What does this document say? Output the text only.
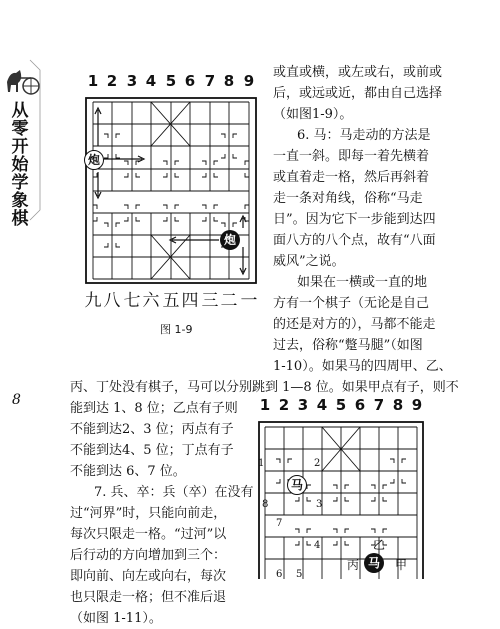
从
零
开
始
学
象
棋
8
1 2 3 4 5 6 7 8 9
炮
炮
九 八 七 六 五 四 三 二 一
图 1-9

或直或横，或左或右，或前或

后，或远或近，都由自己选择

（如图1-9）。

6. 马：马走动的方法是

一直一斜。即每一着先横着

或直着走一格，然后再斜着

走一条对角线，俗称“马走

日”。因为它下一步能到达四

面八方的八个点，故有“八面

威风”之说。

如果在一横或一直的地

方有一个棋子（无论是自己

的还是对方的），马都不能走

过去，俗称“蹩马腿”（如图

1-10）。如果马的四周甲、乙、

丙、丁处没有棋子，马可以分别跳到 1—8 位。如果甲点有子，则不

能到达 1、8 位；乙点有子则

不能到达2、3 位；丙点有子

不能到达4、5 位；丁点有子

不能到达 6、7 位。

7. 兵、卒：兵（卒）在没有

过“河界”时，只能向前走，

每次只限走一格。“过河”以

后行动的方向增加到三个：

即向前、向左或向右，每次

也只限走一格；但不准后退

（如图 1-11）。

1 2 3 4 5 6 7 8 9
马
马
1	2
3
4
5
6
7
8
乙
丙	甲
